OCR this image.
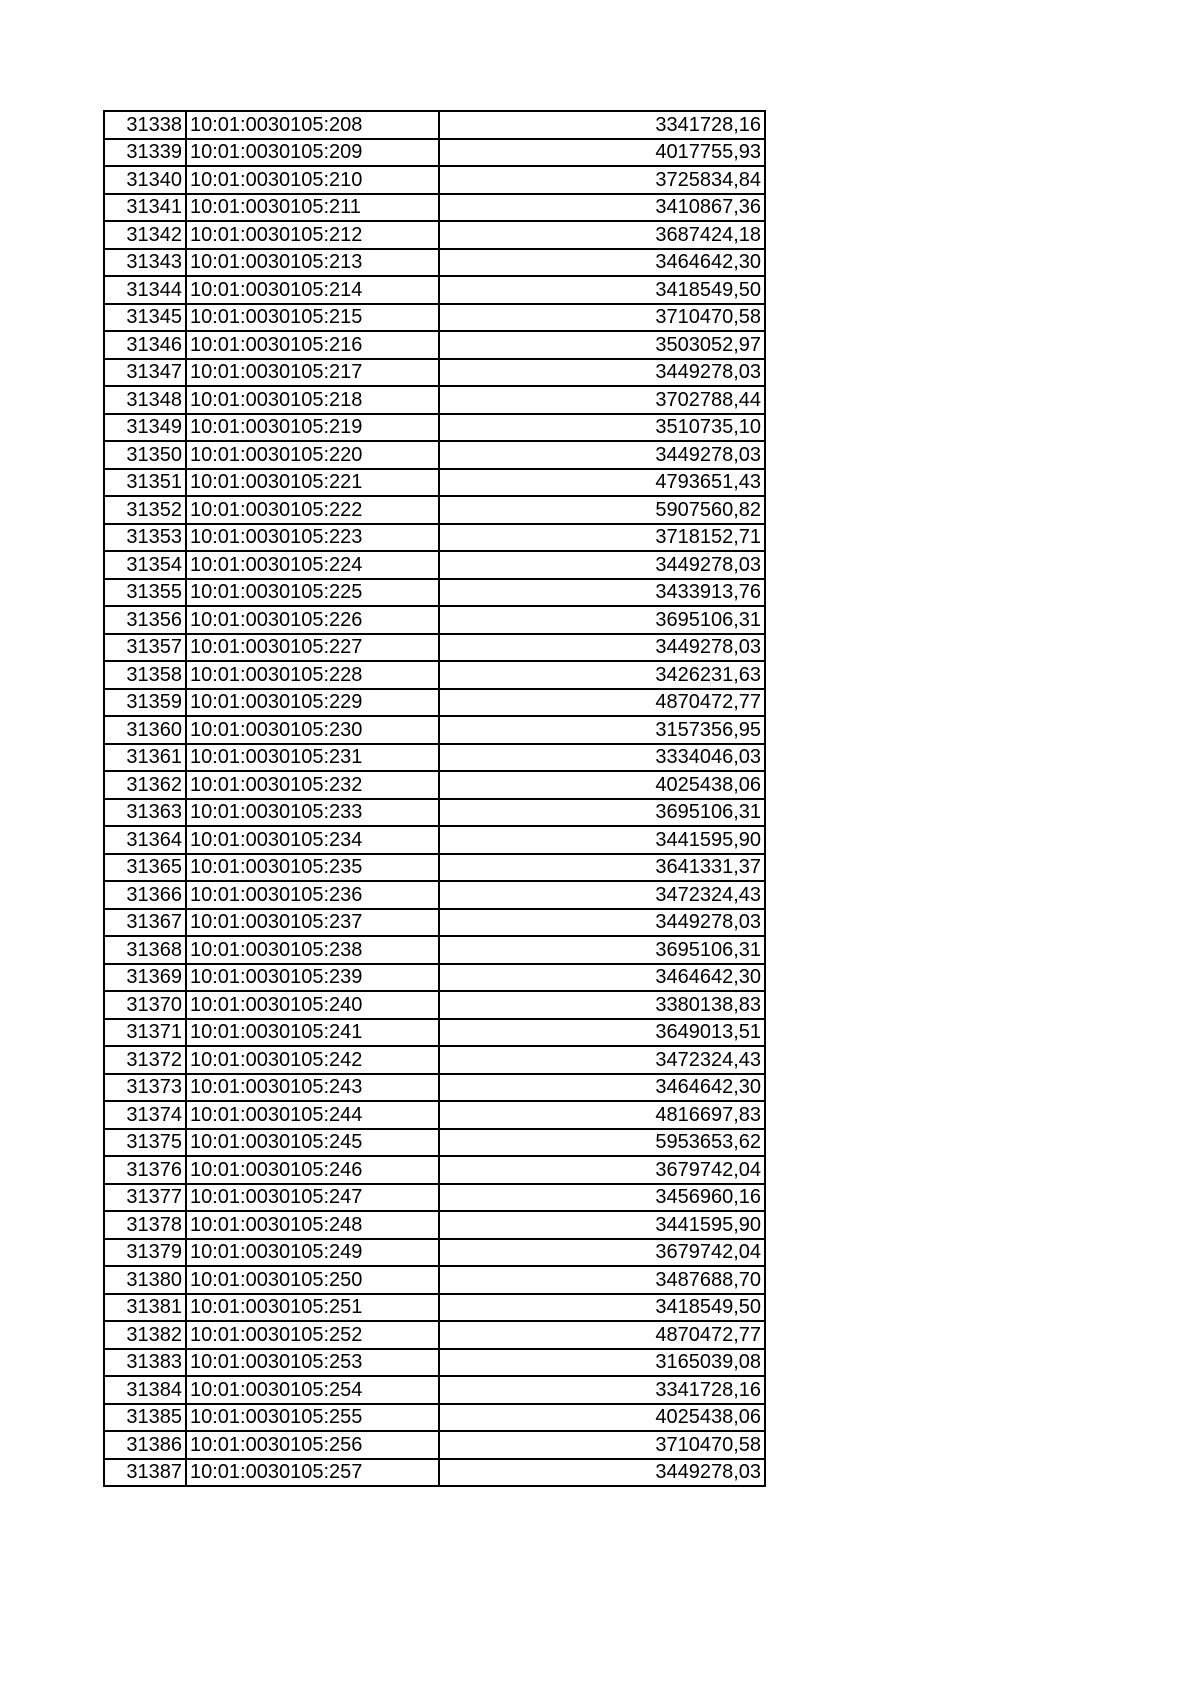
31338	10:01:0030105:208	3341728,16
31339	10:01:0030105:209	4017755,93
31340	10:01:0030105:210	3725834,84
31341	10:01:0030105:211	3410867,36
31342	10:01:0030105:212	3687424,18
31343	10:01:0030105:213	3464642,30
31344	10:01:0030105:214	3418549,50
31345	10:01:0030105:215	3710470,58
31346	10:01:0030105:216	3503052,97
31347	10:01:0030105:217	3449278,03
31348	10:01:0030105:218	3702788,44
31349	10:01:0030105:219	3510735,10
31350	10:01:0030105:220	3449278,03
31351	10:01:0030105:221	4793651,43
31352	10:01:0030105:222	5907560,82
31353	10:01:0030105:223	3718152,71
31354	10:01:0030105:224	3449278,03
31355	10:01:0030105:225	3433913,76
31356	10:01:0030105:226	3695106,31
31357	10:01:0030105:227	3449278,03
31358	10:01:0030105:228	3426231,63
31359	10:01:0030105:229	4870472,77
31360	10:01:0030105:230	3157356,95
31361	10:01:0030105:231	3334046,03
31362	10:01:0030105:232	4025438,06
31363	10:01:0030105:233	3695106,31
31364	10:01:0030105:234	3441595,90
31365	10:01:0030105:235	3641331,37
31366	10:01:0030105:236	3472324,43
31367	10:01:0030105:237	3449278,03
31368	10:01:0030105:238	3695106,31
31369	10:01:0030105:239	3464642,30
31370	10:01:0030105:240	3380138,83
31371	10:01:0030105:241	3649013,51
31372	10:01:0030105:242	3472324,43
31373	10:01:0030105:243	3464642,30
31374	10:01:0030105:244	4816697,83
31375	10:01:0030105:245	5953653,62
31376	10:01:0030105:246	3679742,04
31377	10:01:0030105:247	3456960,16
31378	10:01:0030105:248	3441595,90
31379	10:01:0030105:249	3679742,04
31380	10:01:0030105:250	3487688,70
31381	10:01:0030105:251	3418549,50
31382	10:01:0030105:252	4870472,77
31383	10:01:0030105:253	3165039,08
31384	10:01:0030105:254	3341728,16
31385	10:01:0030105:255	4025438,06
31386	10:01:0030105:256	3710470,58
31387	10:01:0030105:257	3449278,03
